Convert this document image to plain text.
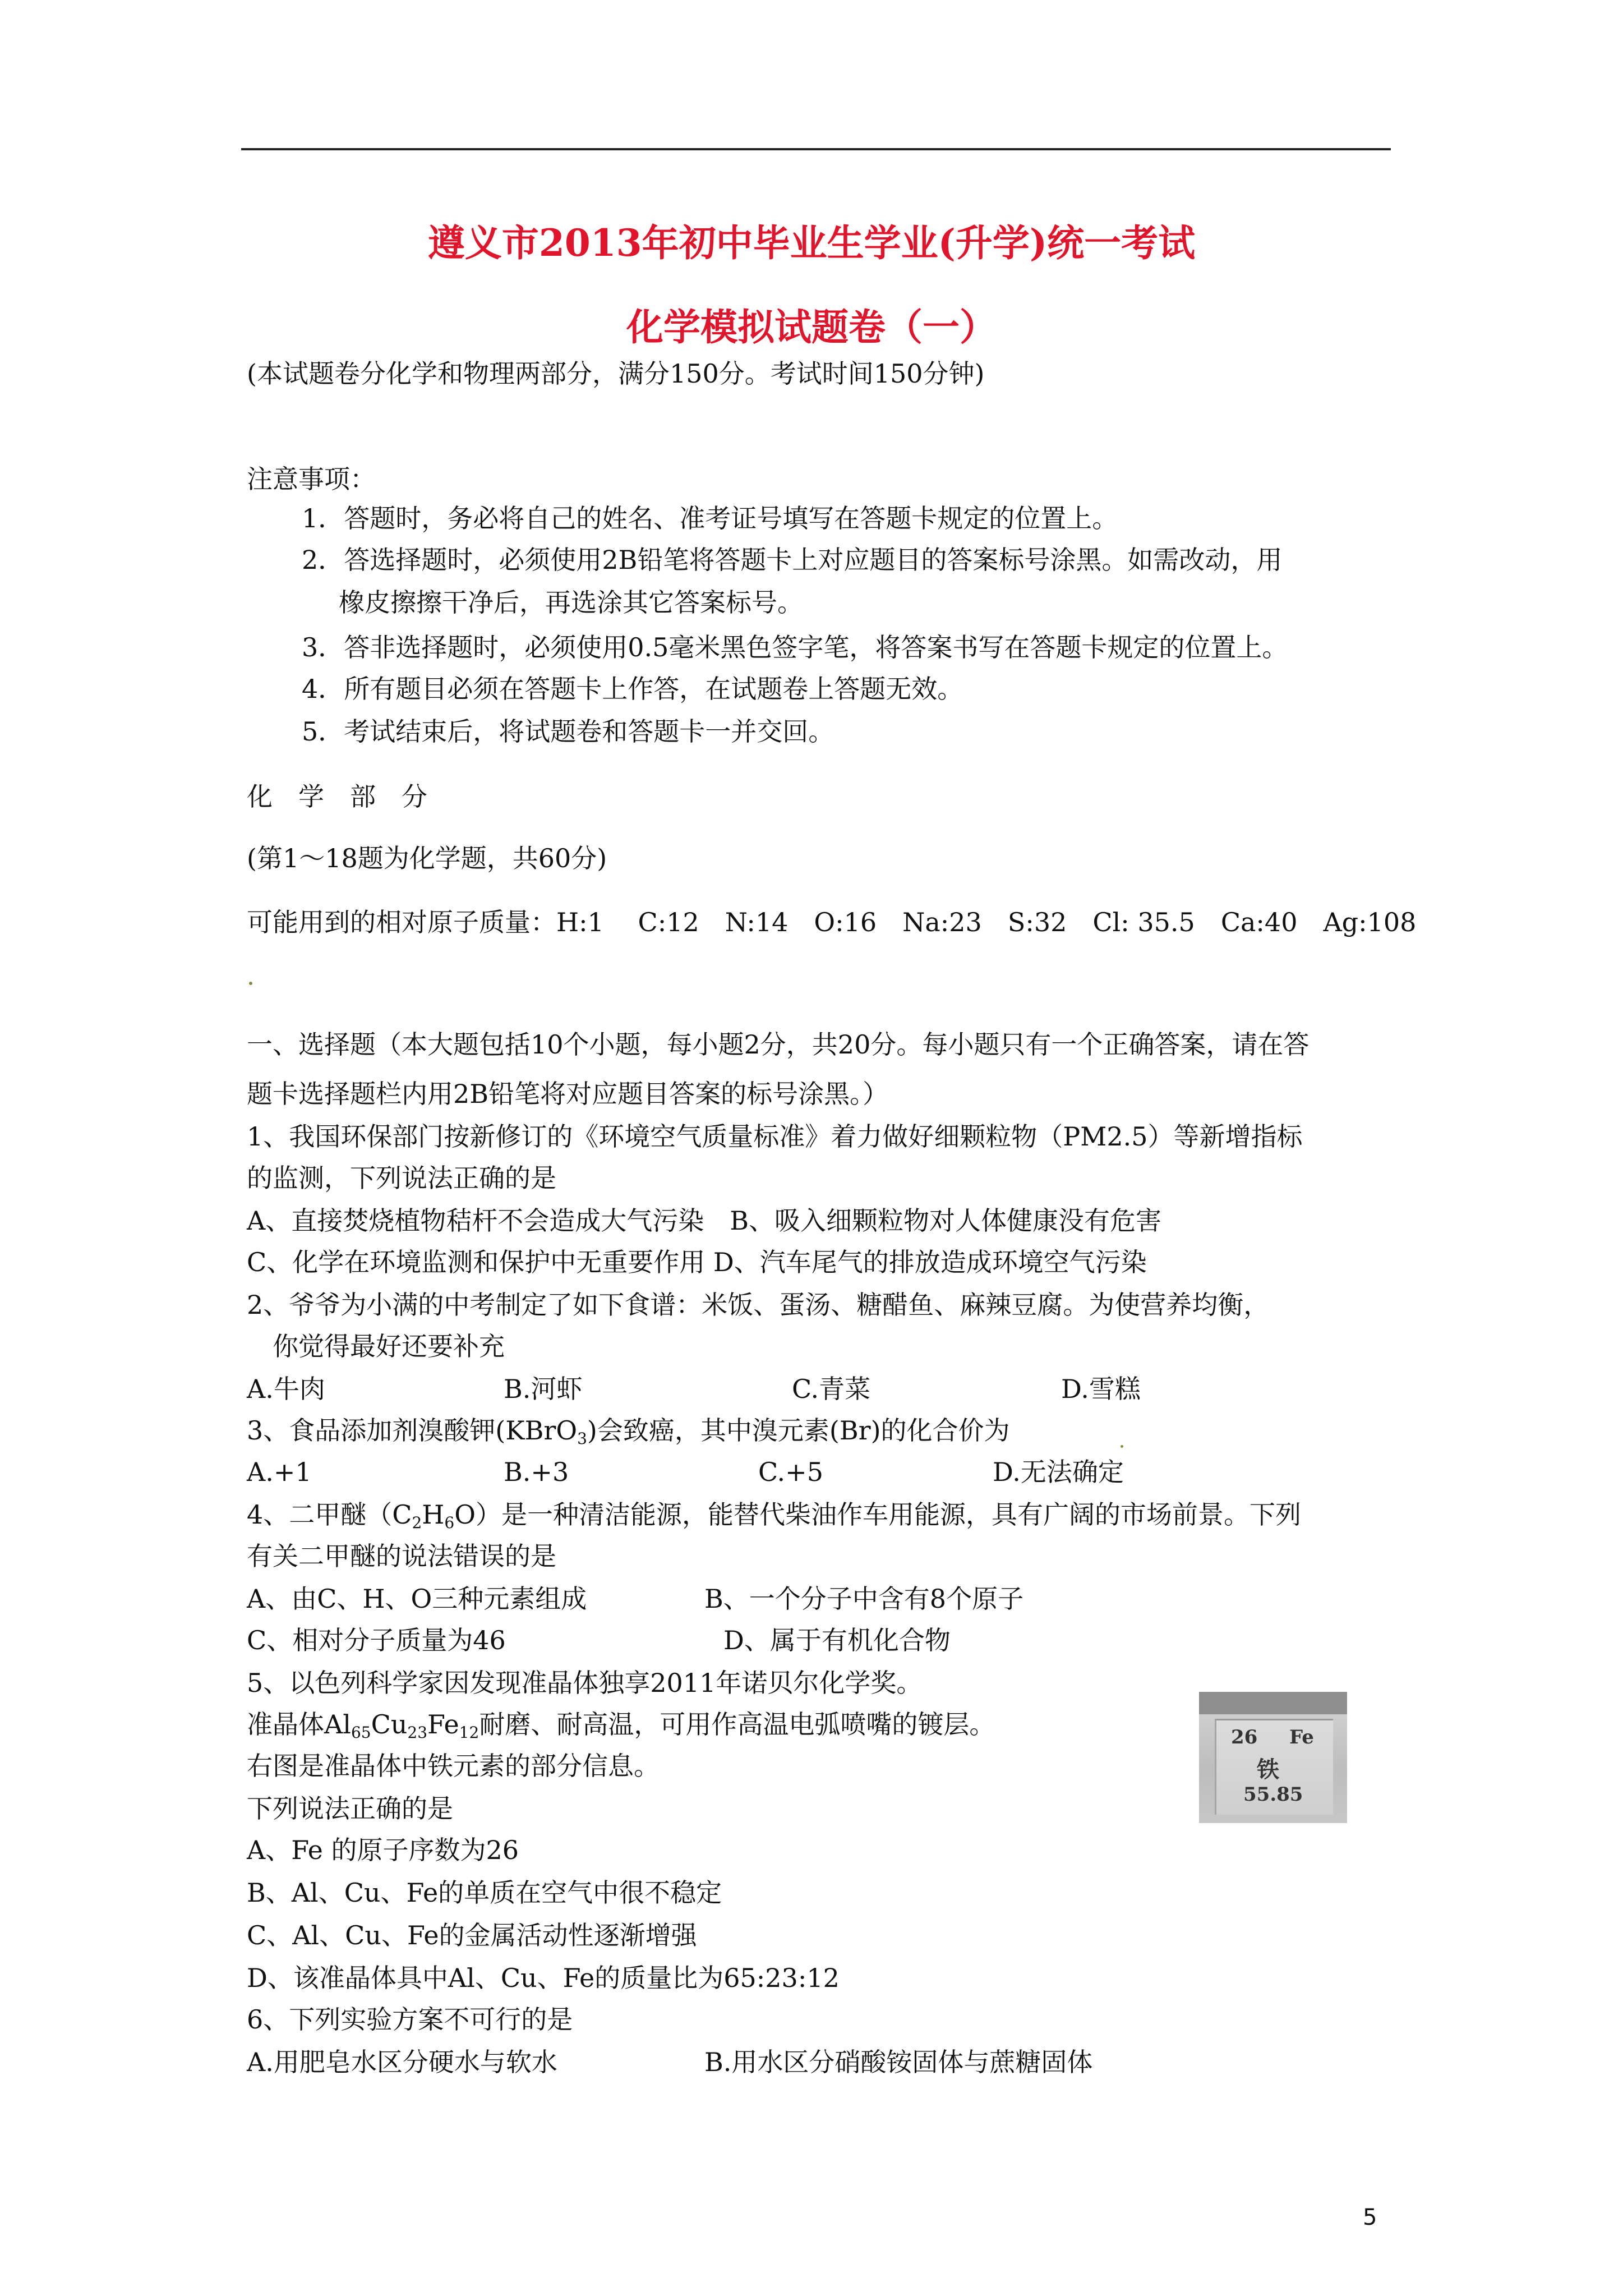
遵义市2013年初中毕业生学业(升学)统一考试
化学模拟试题卷（一）
(本试题卷分化学和物理两部分，满分150分。考试时间150分钟)
注意事项：
1．答题时，务必将自己的姓名、准考证号填写在答题卡规定的位置上。
2．答选择题时，必须使用2B铅笔将答题卡上对应题目的答案标号涂黑。如需改动，用
橡皮擦擦干净后，再选涂其它答案标号。
3．答非选择题时，必须使用0.5毫米黑色签字笔，将答案书写在答题卡规定的位置上。
4．所有题目必须在答题卡上作答，在试题卷上答题无效。
5．考试结束后，将试题卷和答题卡一并交回。
化　学　部　分
(第1～18题为化学题，共60分)
可能用到的相对原子质量：H:1　 C:12　N:14　O:16　Na:23　S:32　Cl: 35.5　Ca:40　Ag:108
一、选择题（本大题包括10个小题，每小题2分，共20分。每小题只有一个正确答案，请在答
题卡选择题栏内用2B铅笔将对应题目答案的标号涂黑。）
1、我国环保部门按新修订的《环境空气质量标准》着力做好细颗粒物（PM2.5）等新增指标
的监测，下列说法正确的是
A、直接焚烧植物秸杆不会造成大气污染　B、吸入细颗粒物对人体健康没有危害
C、化学在环境监测和保护中无重要作用 D、汽车尾气的排放造成环境空气污染
2、爷爷为小满的中考制定了如下食谱：米饭、蛋汤、糖醋鱼、麻辣豆腐。为使营养均衡，
你觉得最好还要补充
A.牛肉	B.河虾	C.青菜	D.雪糕
3、食品添加剂溴酸钾(KBrO$_3$)会致癌，其中溴元素(Br)的化合价为
A.+1	B.+3	C.+5	D.无法确定
4、二甲醚$(C_2H_6O)$是一种清洁能源，能替代柴油作车用能源，具有广阔的市场前景。下列
有关二甲醚的说法错误的是
A、由C、H、O三种元素组成	B、一个分子中含有8个原子
C、相对分子质量为46	D、属于有机化合物
5、以色列科学家因发现准晶体独享2011年诺贝尔化学奖。
准晶体$Al_{65}Cu_{23}Fe_{12}$耐磨、耐高温，可用作高温电弧喷嘴的镀层。
右图是准晶体中铁元素的部分信息。
下列说法正确的是
A、Fe 的原子序数为26
B、Al、Cu、Fe的单质在空气中很不稳定
C、Al、Cu、Fe的金属活动性逐渐增强
D、该准晶体具中Al、Cu、Fe的质量比为65:23:12
26 Fe
铁
55.85
6、下列实验方案不可行的是
A.用肥皂水区分硬水与软水	B.用水区分硝酸铵固体与蔗糖固体
5
